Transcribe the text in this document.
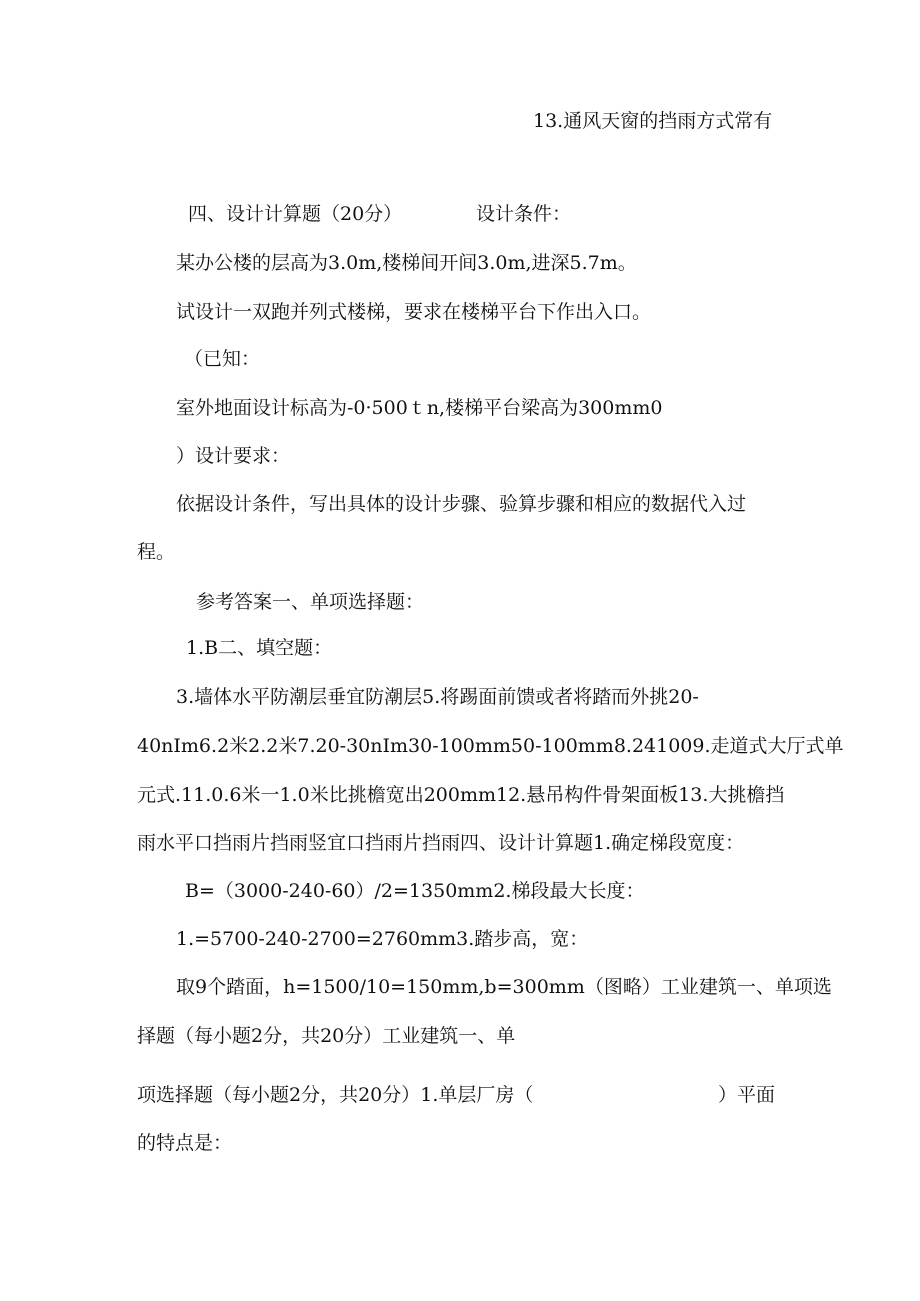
13.通风天窗的挡雨方式常有
四、设计计算题（20分）	设计条件：
某办公楼的层高为3.0m,楼梯间开间3.0m,进深5.7m。
试设计一双跑并列式楼梯，要求在楼梯平台下作出入口。
（已知：
室外地面设计标高为-0·500ｔn,楼梯平台梁高为300mm0
）设计要求：
依据设计条件，写出具体的设计步骤、验算步骤和相应的数据代入过
程。
参考答案一、单项选择题：
1.B二、填空题：
3.墙体水平防潮层垂宜防潮层5.将踢面前馈或者将踏而外挑20-
40nIm6.2米2.2米7.20-30nIm30-100mm50-100mm8.241009.走道式大厅式单
元式.11.0.6米一1.0米比挑檐宽出200mm12.悬吊构件骨架面板13.大挑檐挡
雨水平口挡雨片挡雨竖宜口挡雨片挡雨四、设计计算题1.确定梯段宽度：
B=（3000-240-60）/2=1350mm2.梯段最大长度：
1.=5700-240-2700=2760mm3.踏步高，宽：
取9个踏面，h=1500/10=150mm,b=300mm（图略）工业建筑一、单项选
择题（每小题2分，共20分）工业建筑一、单
项选择题（每小题2分，共20分）1.单层厂房（	）平面
的特点是：
